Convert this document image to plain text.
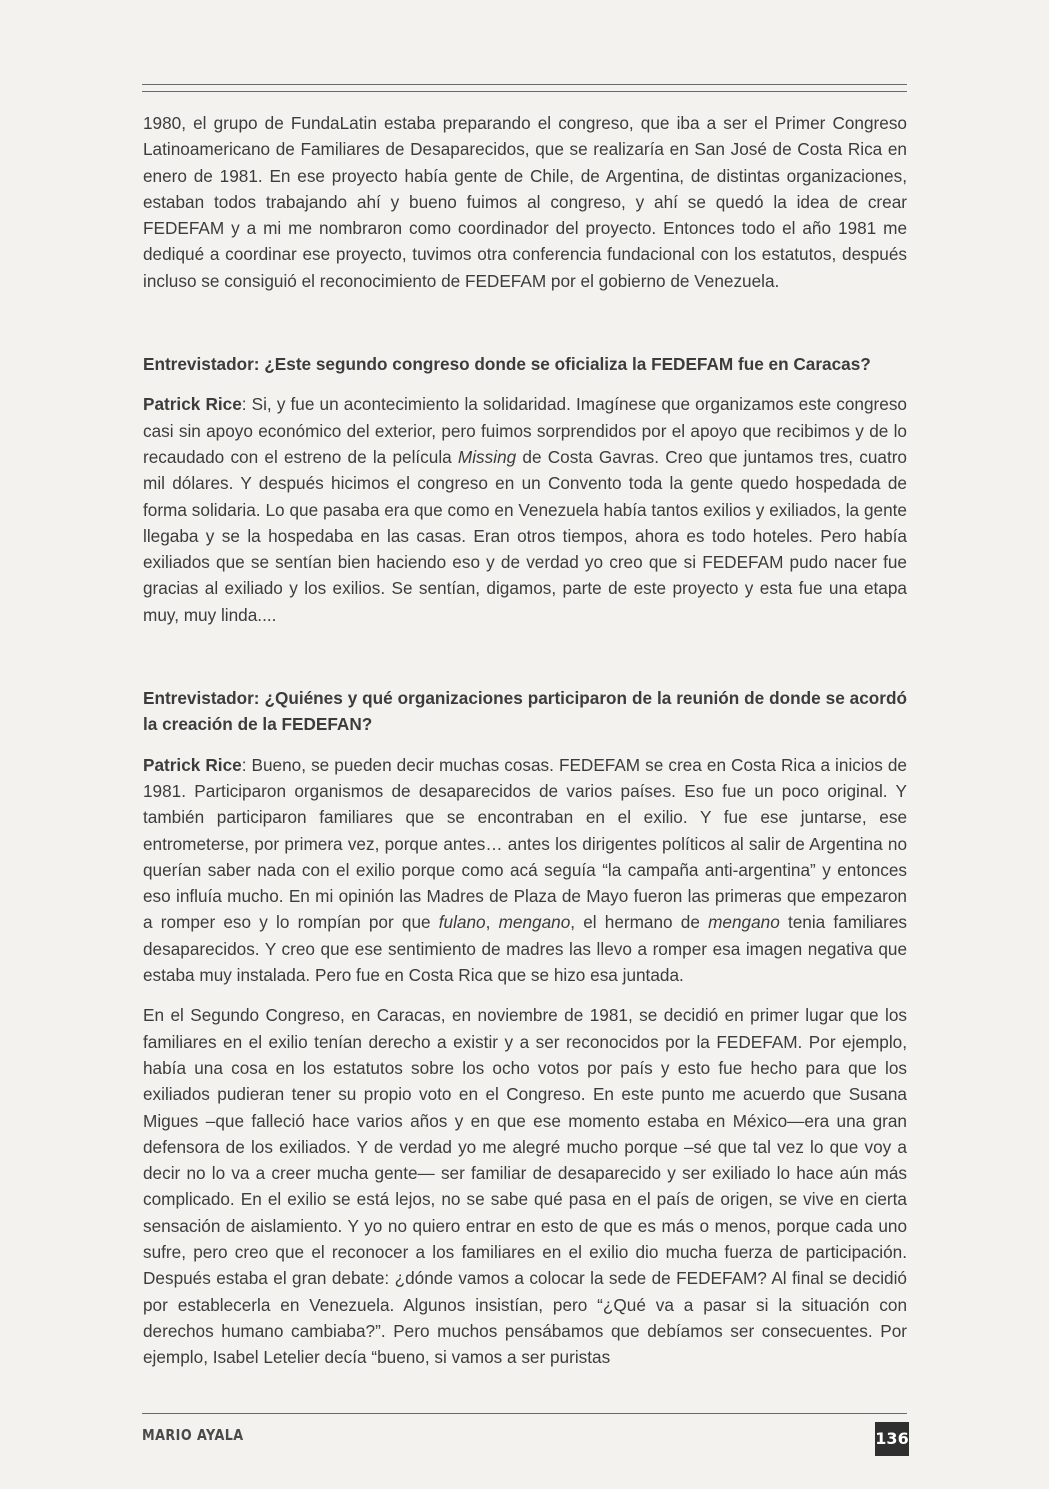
1980, el grupo de FundaLatin estaba preparando el congreso, que iba a ser el Primer Congreso Latinoamericano de Familiares de Desaparecidos, que se realizaría en San José de Costa Rica en enero de 1981. En ese proyecto había gente de Chile, de Argentina, de distintas organizaciones, estaban todos trabajando ahí y bueno fuimos al congreso, y ahí se quedó la idea de crear FEDEFAM y a mi me nombraron como coordinador del proyecto. Entonces todo el año 1981 me dediqué a coordinar ese proyecto, tuvimos otra conferencia fundacional con los estatutos, después incluso se consiguió el reconocimiento de FEDEFAM por el gobierno de Venezuela.

Entrevistador: ¿Este segundo congreso donde se oficializa la FEDEFAM fue en Caracas?

Patrick Rice: Si, y fue un acontecimiento la solidaridad. Imagínese que organizamos este congreso casi sin apoyo económico del exterior, pero fuimos sorprendidos por el apoyo que recibimos y de lo recaudado con el estreno de la película Missing de Costa Gavras. Creo que juntamos tres, cuatro mil dólares. Y después hicimos el congreso en un Convento toda la gente quedo hospedada de forma solidaria. Lo que pasaba era que como en Venezuela había tantos exilios y exiliados, la gente llegaba y se la hospedaba en las casas. Eran otros tiempos, ahora es todo hoteles. Pero había exiliados que se sentían bien haciendo eso y de verdad yo creo que si FEDEFAM pudo nacer fue gracias al exiliado y los exilios. Se sentían, digamos, parte de este proyecto y esta fue una etapa muy, muy linda....

Entrevistador: ¿Quiénes y qué organizaciones participaron de la reunión de donde se acordó la creación de la FEDEFAN?

Patrick Rice: Bueno, se pueden decir muchas cosas. FEDEFAM se crea en Costa Rica a inicios de 1981. Participaron organismos de desaparecidos de varios países. Eso fue un poco original. Y también participaron familiares que se encontraban en el exilio. Y fue ese juntarse, ese entrometerse, por primera vez, porque antes… antes los dirigentes políticos al salir de Argentina no querían saber nada con el exilio porque como acá seguía “la campaña anti-argentina” y entonces eso influía mucho. En mi opinión las Madres de Plaza de Mayo fueron las primeras que empezaron a romper eso y lo rompían por que fulano, mengano, el hermano de mengano tenia familiares desaparecidos. Y creo que ese sentimiento de madres las llevo a romper esa imagen negativa que estaba muy instalada. Pero fue en Costa Rica que se hizo esa juntada.

En el Segundo Congreso, en Caracas, en noviembre de 1981, se decidió en primer lugar que los familiares en el exilio tenían derecho a existir y a ser reconocidos por la FEDEFAM. Por ejemplo, había una cosa en los estatutos sobre los ocho votos por país y esto fue hecho para que los exiliados pudieran tener su propio voto en el Congreso. En este punto me acuerdo que Susana Migues –que falleció hace varios años y en que ese momento estaba en México—era una gran defensora de los exiliados. Y de verdad yo me alegré mucho porque –sé que tal vez lo que voy a decir no lo va a creer mucha gente— ser familiar de desaparecido y ser exiliado lo hace aún más complicado. En el exilio se está lejos, no se sabe qué pasa en el país de origen, se vive en cierta sensación de aislamiento. Y yo no quiero entrar en esto de que es más o menos, porque cada uno sufre, pero creo que el reconocer a los familiares en el exilio dio mucha fuerza de participación. Después estaba el gran debate: ¿dónde vamos a colocar la sede de FEDEFAM? Al final se decidió por establecerla en Venezuela. Algunos insistían, pero “¿Qué va a pasar si la situación con derechos humano cambiaba?”. Pero muchos pensábamos que debíamos ser consecuentes. Por ejemplo, Isabel Letelier decía “bueno, si vamos a ser puristas

MARIO AYALA	136
